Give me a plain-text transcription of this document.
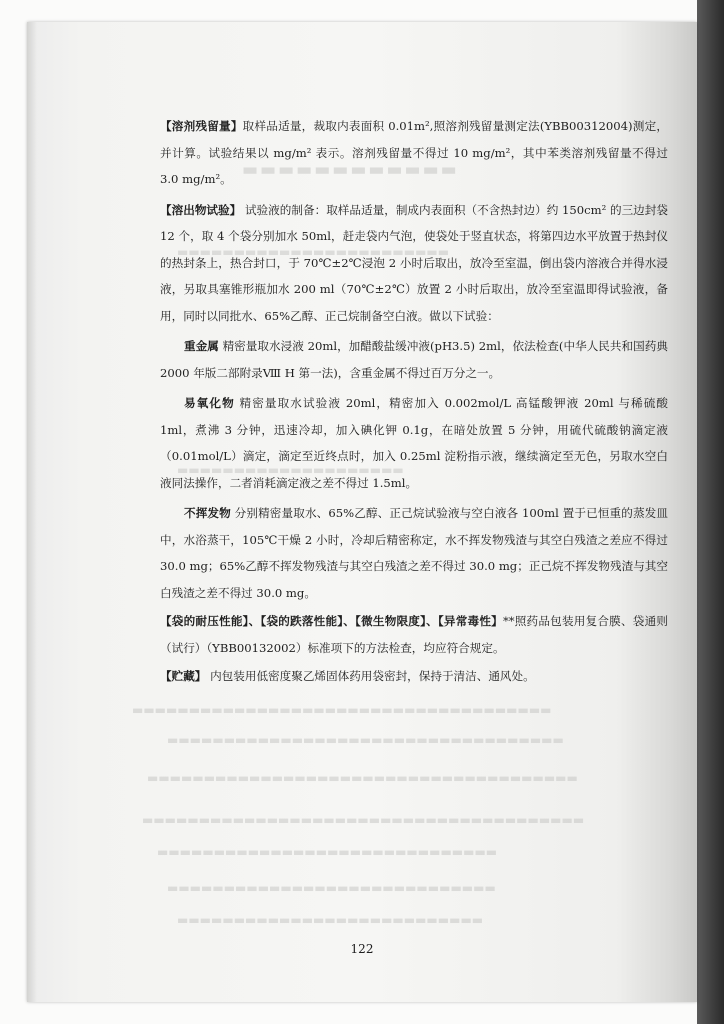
▬▬▬▬▬▬▬▬▬▬▬▬
▬▬▬▬▬▬▬▬▬▬▬▬▬▬▬▬▬▬▬▬▬▬▬▬
▬▬▬▬▬▬▬▬▬▬▬▬▬▬▬▬▬▬▬▬
▬▬▬▬▬▬▬▬▬▬▬▬▬▬▬▬▬▬▬▬▬▬▬▬▬▬▬▬▬▬▬▬▬▬▬▬▬
▬▬▬▬▬▬▬▬▬▬▬▬▬▬▬▬▬▬▬▬▬▬▬▬▬▬▬▬▬▬▬▬▬▬▬
▬▬▬▬▬▬▬▬▬▬▬▬▬▬▬▬▬▬▬▬▬▬▬▬▬▬▬▬▬▬▬▬▬▬▬▬▬▬
▬▬▬▬▬▬▬▬▬▬▬▬▬▬▬▬▬▬▬▬▬▬▬▬▬▬▬▬▬▬▬▬▬▬▬▬▬▬▬
▬▬▬▬▬▬▬▬▬▬▬▬▬▬▬▬▬▬▬▬▬▬▬▬▬▬▬▬▬▬
▬▬▬▬▬▬▬▬▬▬▬▬▬▬▬▬▬▬▬▬▬▬▬▬▬▬▬▬▬
▬▬▬▬▬▬▬▬▬▬▬▬▬▬▬▬▬▬▬▬▬▬▬▬▬▬▬

【溶剂残留量】取样品适量，裁取内表面积 0.01m²,照溶剂残留量测定法(YBB00312004)测定，并计算。试验结果以 mg/m² 表示。溶剂残留量不得过 10 mg/m²，其中苯类溶剂残留量不得过 3.0 mg/m²。

【溶出物试验】 试验液的制备：取样品适量，制成内表面积（不含热封边）约 150cm² 的三边封袋 12 个，取 4 个袋分别加水 50ml，赶走袋内气泡，使袋处于竖直状态，将第四边水平放置于热封仪的热封条上，热合封口，于 70℃±2℃浸泡 2 小时后取出，放冷至室温，倒出袋内溶液合并得水浸液，另取具塞锥形瓶加水 200 ml（70℃±2℃）放置 2 小时后取出，放冷至室温即得试验液，备用，同时以同批水、65%乙醇、正己烷制备空白液。做以下试验：

重金属 精密量取水浸液 20ml，加醋酸盐缓冲液(pH3.5) 2ml，依法检查(中华人民共和国药典 2000 年版二部附录Ⅷ H 第一法)，含重金属不得过百万分之一。

易氧化物 精密量取水试验液 20ml，精密加入 0.002mol/L 高锰酸钾液 20ml 与稀硫酸 1ml，煮沸 3 分钟，迅速冷却，加入碘化钾 0.1g，在暗处放置 5 分钟，用硫代硫酸钠滴定液（0.01mol/L）滴定，滴定至近终点时，加入 0.25ml 淀粉指示液，继续滴定至无色，另取水空白液同法操作，二者消耗滴定液之差不得过 1.5ml。

不挥发物 分别精密量取水、65%乙醇、正己烷试验液与空白液各 100ml 置于已恒重的蒸发皿中，水浴蒸干，105℃干燥 2 小时，冷却后精密称定，水不挥发物残渣与其空白残渣之差应不得过 30.0 mg；65%乙醇不挥发物残渣与其空白残渣之差不得过 30.0 mg；正己烷不挥发物残渣与其空白残渣之差不得过 30.0 mg。

【袋的耐压性能】、【袋的跌落性能】、【微生物限度】、【异常毒性】**照药品包装用复合膜、袋通则（试行）（YBB00132002）标准项下的方法检查，均应符合规定。

【贮藏】 内包装用低密度聚乙烯固体药用袋密封，保持于清洁、通风处。

122
